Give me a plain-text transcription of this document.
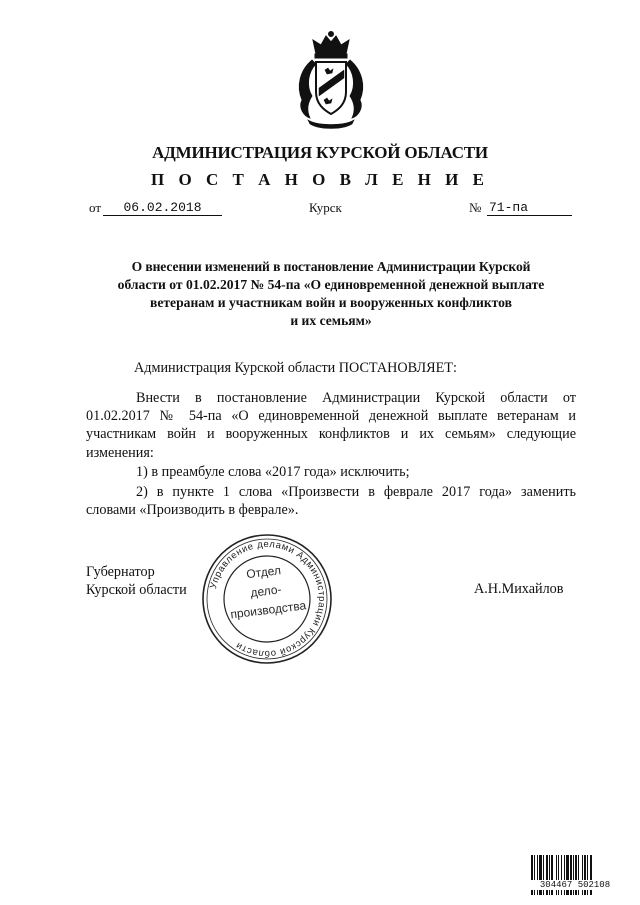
АДМИНИСТРАЦИЯ КУРСКОЙ ОБЛАСТИ
П О С Т А Н О В Л Е Н И Е
от	06.02.2018	Курск	№ 71-па
О внесении изменений в постановление Администрации Курской
области от 01.02.2017 № 54-па «О единовременной денежной выплате
ветеранам и участникам войн и вооруженных конфликтов
и их семьям»
Администрация Курской области ПОСТАНОВЛЯЕТ:
Внести в постановление Администрации Курской области от
01.02.2017 № 54-па «О единовременной денежной выплате ветеранам и
участникам войн и вооруженных конфликтов и их семьям» следующие
изменения:
1) в преамбуле слова «2017 года» исключить;
2) в пункте 1 слова «Произвести в феврале 2017 года» заменить
словами «Производить в феврале».
Губернатор
Курской области	А.Н.Михайлов
Управление делами Администрации Курской области
Отдел
дело-
производства
304467 502108
